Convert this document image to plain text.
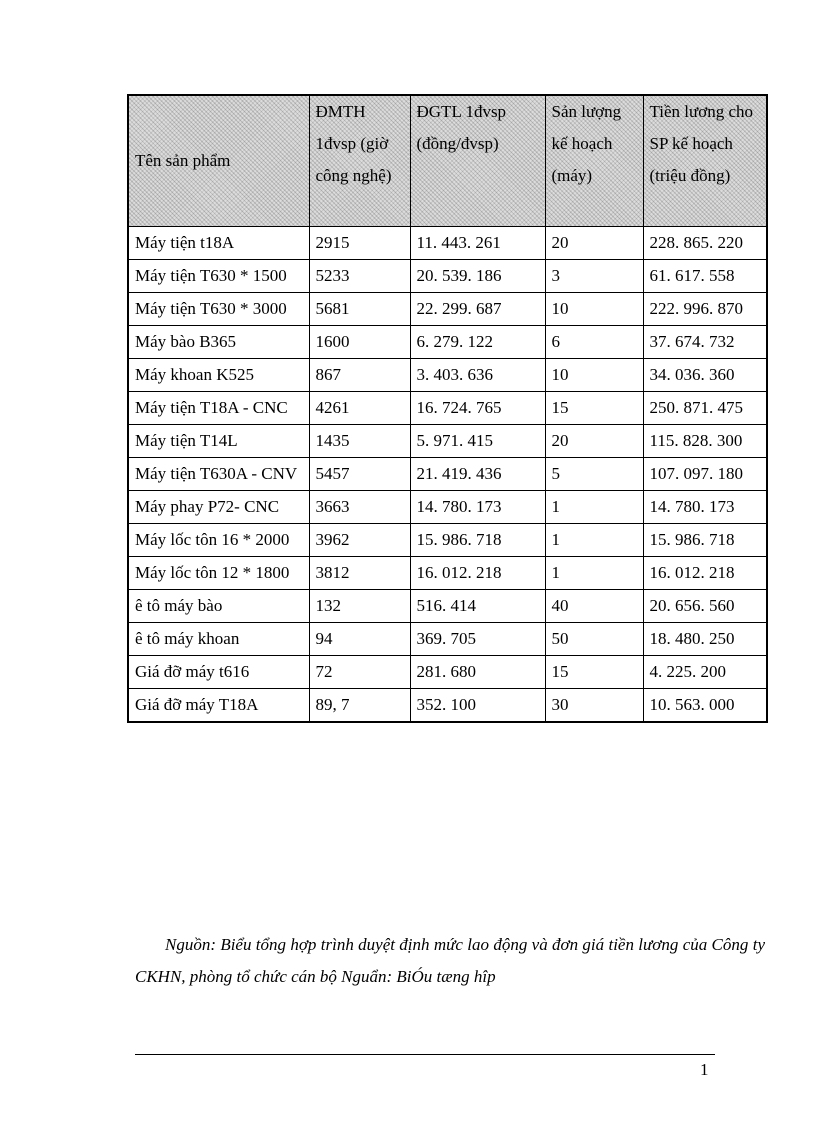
Tên sản phẩm	ĐMTH 1đvsp (giờ công nghệ)	ĐGTL 1đvsp (đồng/đvsp)	Sản lượng kế hoạch (máy)	Tiền lương cho SP kế hoạch (triệu đồng)
Máy tiện t18A	2915	11. 443. 261	20	228. 865. 220
Máy tiện T630 * 1500	5233	20. 539. 186	3	61. 617. 558
Máy tiện T630 * 3000	5681	22. 299. 687	10	222. 996. 870
Máy bào B365	1600	6. 279. 122	6	37. 674. 732
Máy khoan K525	867	3. 403. 636	10	34. 036. 360
Máy tiện T18A - CNC	4261	16. 724. 765	15	250. 871. 475
Máy tiện T14L	1435	5. 971. 415	20	115. 828. 300
Máy tiện T630A - CNV	5457	21. 419. 436	5	107. 097. 180
Máy phay P72- CNC	3663	14. 780. 173	1	14. 780. 173
Máy lốc tôn 16 * 2000	3962	15. 986. 718	1	15. 986. 718
Máy lốc tôn 12 * 1800	3812	16. 012. 218	1	16. 012. 218
ê tô máy bào	132	516. 414	40	20. 656. 560
ê tô máy khoan	94	369. 705	50	18. 480. 250
Giá đỡ máy t616	72	281. 680	15	4. 225. 200
Giá đỡ máy T18A	89, 7	352. 100	30	10. 563. 000

Nguồn: Biểu tổng hợp trình duyệt định mức lao động và đơn giá tiền lương của Công ty CKHN, phòng tổ chức cán bộ Nguẩn: BiÓu tæng hîp

1
